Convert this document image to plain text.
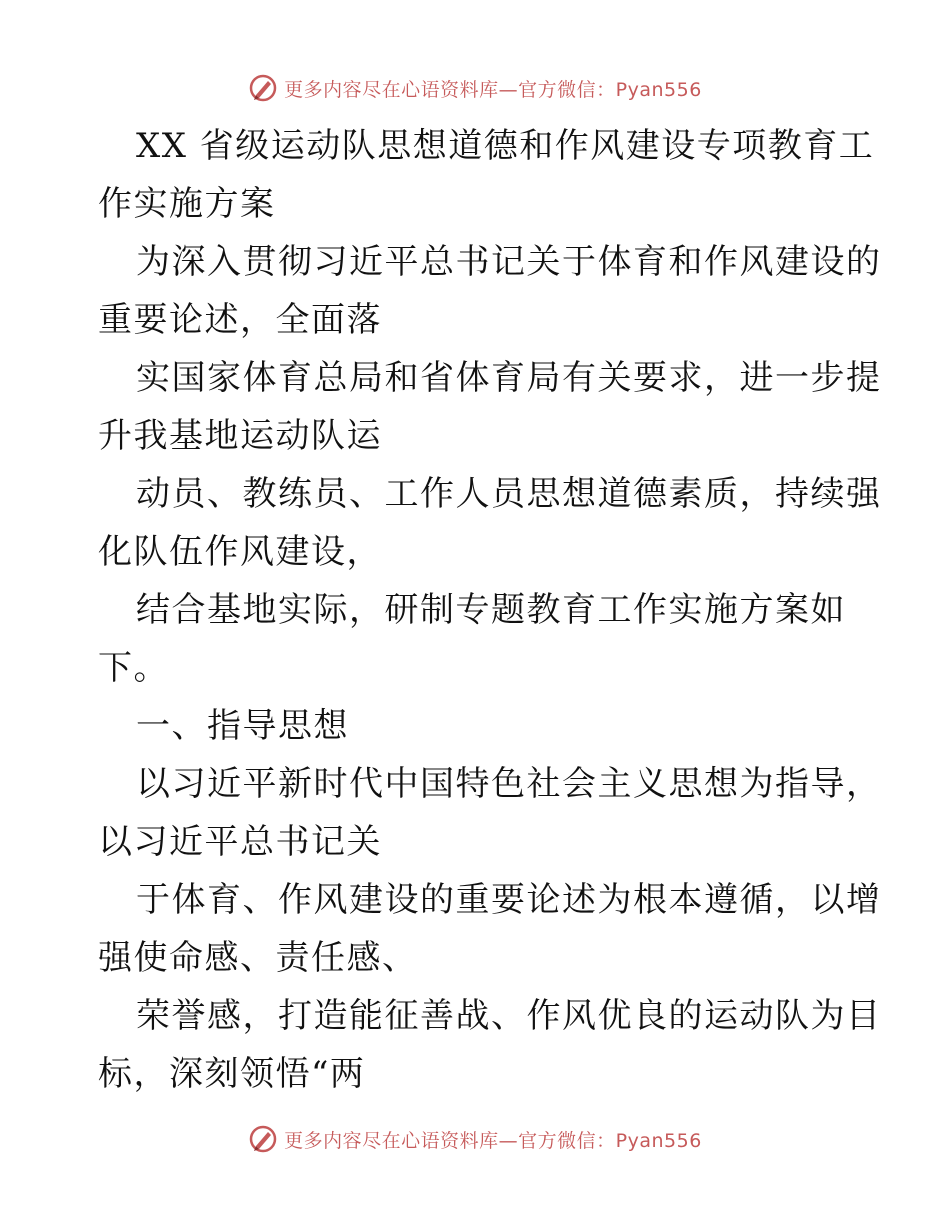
更多内容尽在心语资料库—官方微信：Pyan556
XX 省级运动队思想道德和作风建设专项教育工
作实施方案
为深入贯彻习近平总书记关于体育和作风建设的
重要论述，全面落
实国家体育总局和省体育局有关要求，进一步提
升我基地运动队运
动员、教练员、工作人员思想道德素质，持续强
化队伍作风建设，
结合基地实际，研制专题教育工作实施方案如
下。
一、指导思想
以习近平新时代中国特色社会主义思想为指导，
以习近平总书记关
于体育、作风建设的重要论述为根本遵循，以增
强使命感、责任感、
荣誉感，打造能征善战、作风优良的运动队为目
标，深刻领悟“两
更多内容尽在心语资料库—官方微信：Pyan556
